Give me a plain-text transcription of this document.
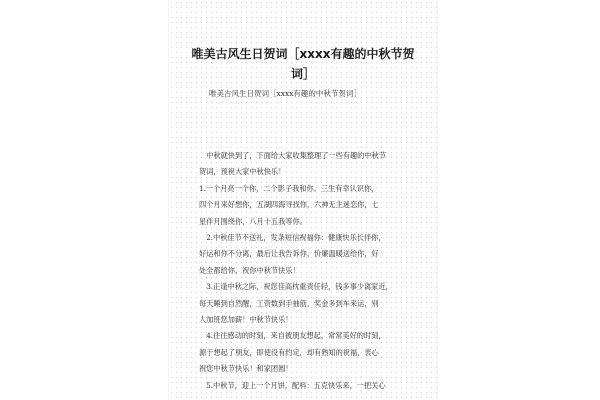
唯美古风生日贺词［xxxx有趣的中秋节贺
词］
唯美古风生日贺词［xxxx有趣的中秋节贺词］
　中秋就快到了，下面给大家收集整理了一些有趣的中秋节
贺词，预祝大家中秋快乐！
1.一个月亮一个你，二个影子我和你。三生有幸认识你，
四个月来好想你，五湖四海寻找你，六神无主迷恋你，七
星伴月围绕你，八月十五我等你。
　2.中秋佳节不送礼，发条短信祝福你：健康快乐长伴你，
好运和你不分离，最后让我告诉你，价廉温暖送给你，好
处全都给你，祝你中秋节快乐！
　3.正逢中秋之际，祝您佳高枕重责任轻，钱多事少离家近，
每天睡到自然醒，工资数到手抽筋，奖金多到车来运，别
人加班您加薪！中秋节快乐！
　4.往往感动的时刻，来自被朋友想起，常常美好的时刻，
源于想起了朋友，即使没有约定，却有熟知的祝福，衷心
祝您中秋节快乐！和家团圆！
　5.中秋节，迎上一个月饼，配料：五克快乐来，一把关心
